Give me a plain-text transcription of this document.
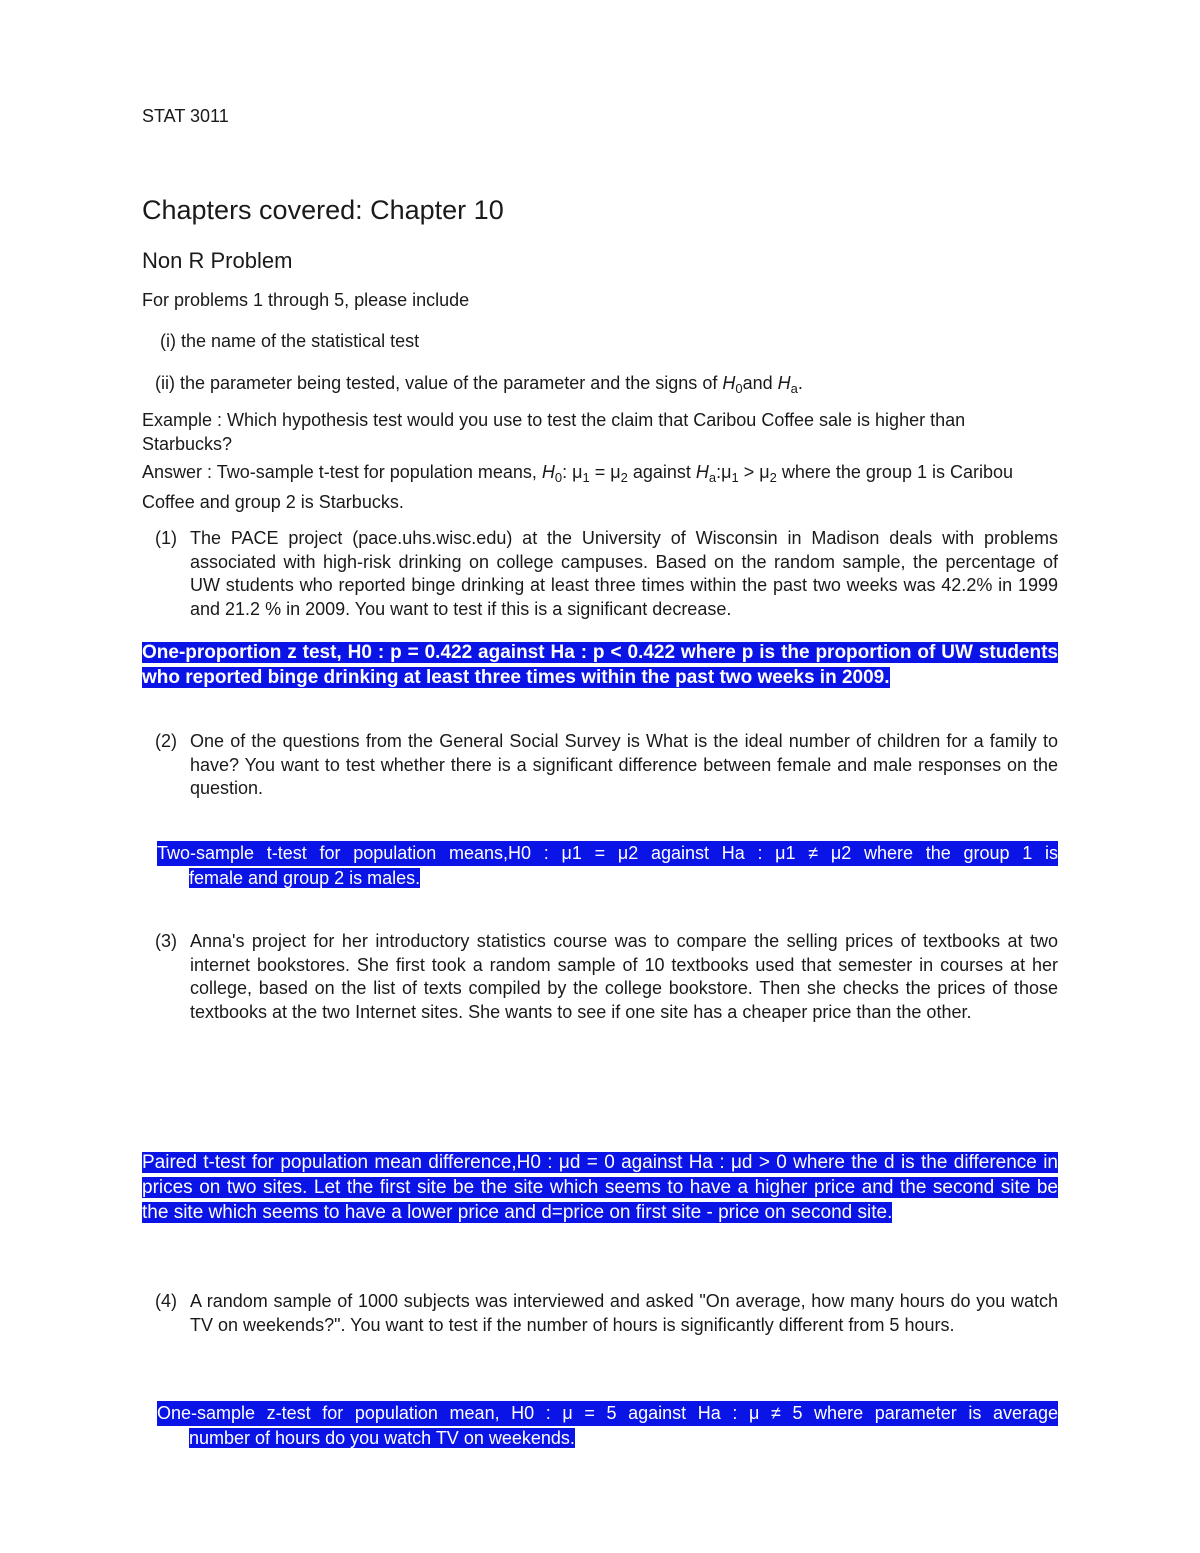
STAT 3011
Chapters covered: Chapter 10
Non R Problem
For problems 1 through 5, please include
(i) the name of the statistical test
(ii) the parameter being tested, value of the parameter and the signs of $H_0and$ $H_a$.
Example : Which hypothesis test would you use to test the claim that Caribou Coffee sale is higher than Starbucks?
Answer : Two-sample t-test for population means, $H_0$: $\mu_1 = \mu_2$ against $H_a:\mu_1 > \mu_2$ where the group 1 is Caribou Coffee and group 2 is Starbucks.
(1) The PACE project (pace.uhs.wisc.edu) at the University of Wisconsin in Madison deals with problems associated with high-risk drinking on college campuses. Based on the random sample, the percentage of UW students who reported binge drinking at least three times within the past two weeks was 42.2% in 1999 and 21.2 % in 2009. You want to test if this is a significant decrease.
One-proportion z test, H0 : p = 0.422 against Ha : p < 0.422 where p is the proportion of UW students who reported binge drinking at least three times within the past two weeks in 2009.
(2) One of the questions from the General Social Survey is What is the ideal number of children for a family to have? You want to test whether there is a significant difference between female and male responses on the question.
Two-sample t-test for population means,H0 : μ1 = μ2 against Ha : μ1 ≠ μ2 where the group 1 is
female and group 2 is males.
(3) Anna's project for her introductory statistics course was to compare the selling prices of textbooks at two internet bookstores. She first took a random sample of 10 textbooks used that semester in courses at her college, based on the list of texts compiled by the college bookstore. Then she checks the prices of those textbooks at the two Internet sites. She wants to see if one site has a cheaper price than the other.
Paired t-test for population mean difference,H0 : μd = 0 against Ha : μd > 0 where the d is the difference in prices on two sites. Let the first site be the site which seems to have a higher price and the second site be the site which seems to have a lower price and d=price on first site - price on second site.
(4) A random sample of 1000 subjects was interviewed and asked "On average, how many hours do you watch TV on weekends?". You want to test if the number of hours is significantly different from 5 hours.
One-sample z-test for population mean, H0 : μ = 5 against Ha : μ ≠ 5 where parameter is average
number of hours do you watch TV on weekends.
